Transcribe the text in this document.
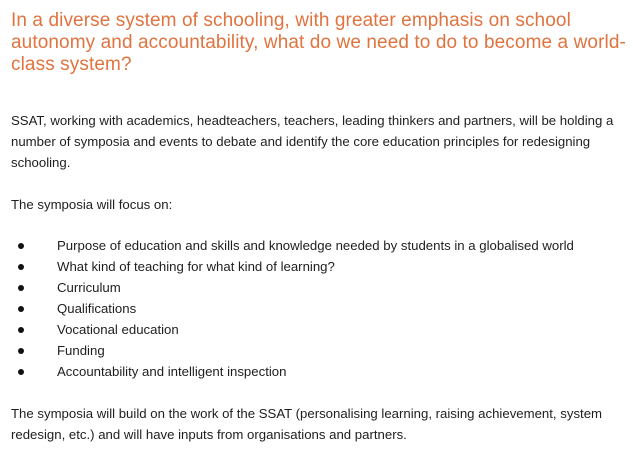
In a diverse system of schooling, with greater emphasis on school autonomy and accountability, what do we need to do to become a world-class system?

SSAT, working with academics, headteachers, teachers, leading thinkers and partners, will be holding a number of symposia and events to debate and identify the core education principles for redesigning schooling.

The symposia will focus on:

Purpose of education and skills and knowledge needed by students in a globalised world
What kind of teaching for what kind of learning?
Curriculum
Qualifications
Vocational education
Funding
Accountability and intelligent inspection

The symposia will build on the work of the SSAT (personalising learning, raising achievement, system redesign, etc.) and will have inputs from organisations and partners.
